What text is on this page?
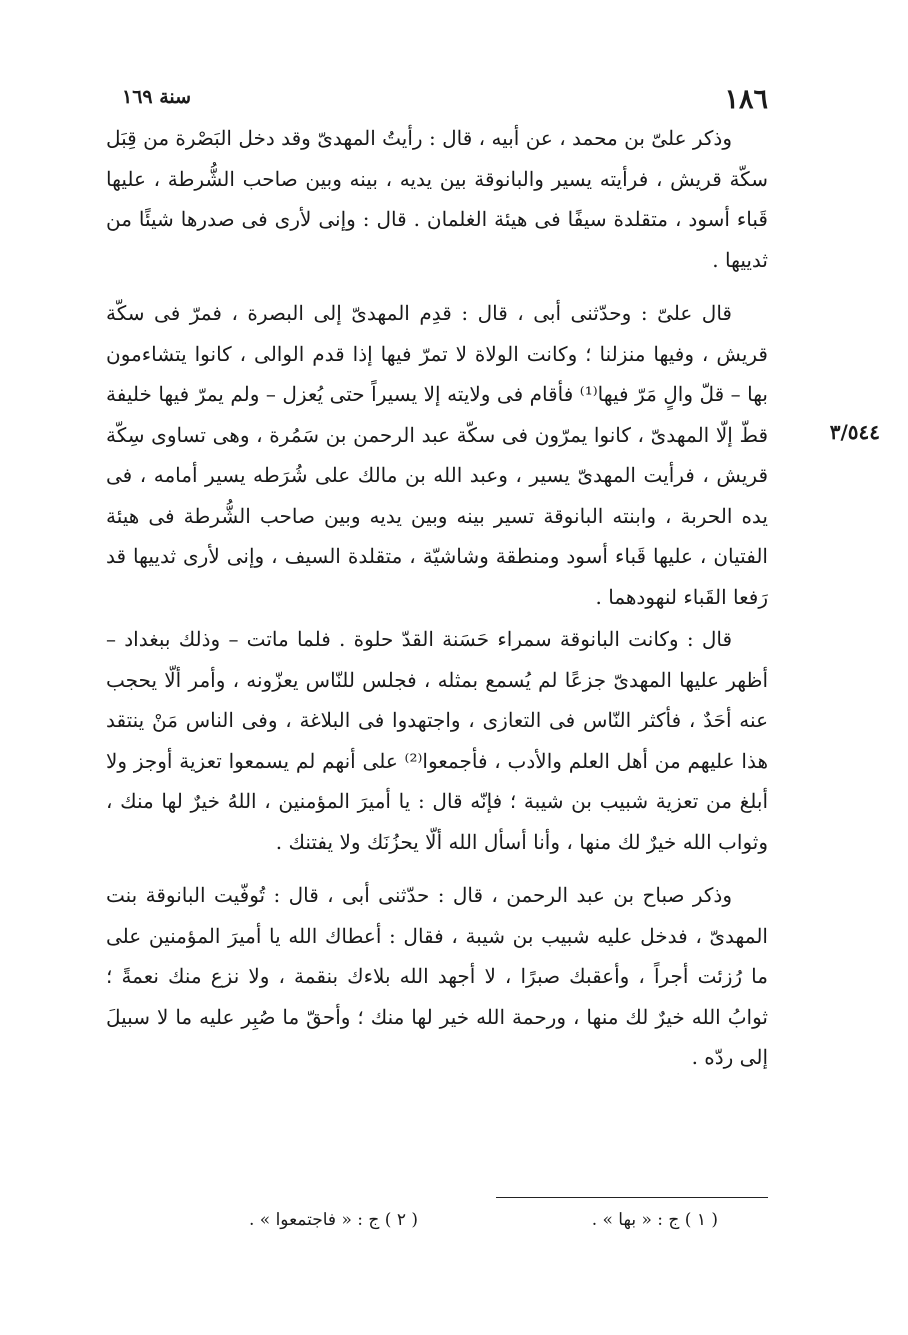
١٨٦
سنة ١٦٩
٣/٥٤٤

وذكر علىّ بن محمد ، عن أبيه ، قال : رأيتُ المهدىّ وقد دخل البَصْرة من قِبَل سكّة قريش ، فرأيته يسير والبانوقة بين يديه ، بينه وبين صاحب الشُّرطة ، عليها قَباء أسود ، متقلدة سيفًا فى هيئة الغلمان . قال : وإنى لأرى فى صدرها شيئًا من ثدييها .

قال علىّ : وحدّثنى أبى ، قال : قدِم المهدىّ إلى البصرة ، فمرّ فى سكّة قريش ، وفيها منزلنا ؛ وكانت الولاة لا تمرّ فيها إذا قدم الوالى ، كانوا يتشاءمون بها – قلّ والٍ مَرّ فيها⁽¹⁾ فأقام فى ولايته إلا يسيراً حتى يُعزل – ولم يمرّ فيها خليفة قطّ إلّا المهدىّ ، كانوا يمرّون فى سكّة عبد الرحمن بن سَمُرة ، وهى تساوى سِكّة قريش ، فرأيت المهدىّ يسير ، وعبد الله بن مالك على شُرَطه يسير أمامه ، فى يده الحربة ، وابنته البانوقة تسير بينه وبين يديه وبين صاحب الشُّرطة فى هيئة الفتيان ، عليها قَباء أسود ومنطقة وشاشيّة ، متقلدة السيف ، وإنى لأرى ثدييها قد رَفعا القَباء لنهودهما .

قال : وكانت البانوقة سمراء حَسَنة القدّ حلوة . فلما ماتت – وذلك ببغداد – أظهر عليها المهدىّ جزعًا لم يُسمع بمثله ، فجلس للنّاس يعزّونه ، وأمر ألّا يحجب عنه أحَدٌ ، فأكثر النّاس فى التعازى ، واجتهدوا فى البلاغة ، وفى الناس مَنْ ينتقد هذا عليهم من أهل العلم والأدب ، فأجمعوا⁽²⁾ على أنهم لم يسمعوا تعزية أوجز ولا أبلغ من تعزية شبيب بن شيبة ؛ فإنّه قال : يا أميرَ المؤمنين ، اللهُ خيرٌ لها منك ، وثواب الله خيرٌ لك منها ، وأنا أسأل الله ألّا يحزُنَك ولا يفتنك .

وذكر صباح بن عبد الرحمن ، قال : حدّثنى أبى ، قال : تُوفّيت البانوقة بنت المهدىّ ، فدخل عليه شبيب بن شيبة ، فقال : أعطاك الله يا أميرَ المؤمنين على ما رُزئت أجراً ، وأعقبك صبرًا ، لا أجهد الله بلاءك بنقمة ، ولا نزع منك نعمةً ؛ ثوابُ الله خيرٌ لك منها ، ورحمة الله خير لها منك ؛ وأحقّ ما صُبِر عليه ما لا سبيلَ إلى ردّه .

( ١ ) ج : « بها » .
( ٢ ) ج : « فاجتمعوا » .
